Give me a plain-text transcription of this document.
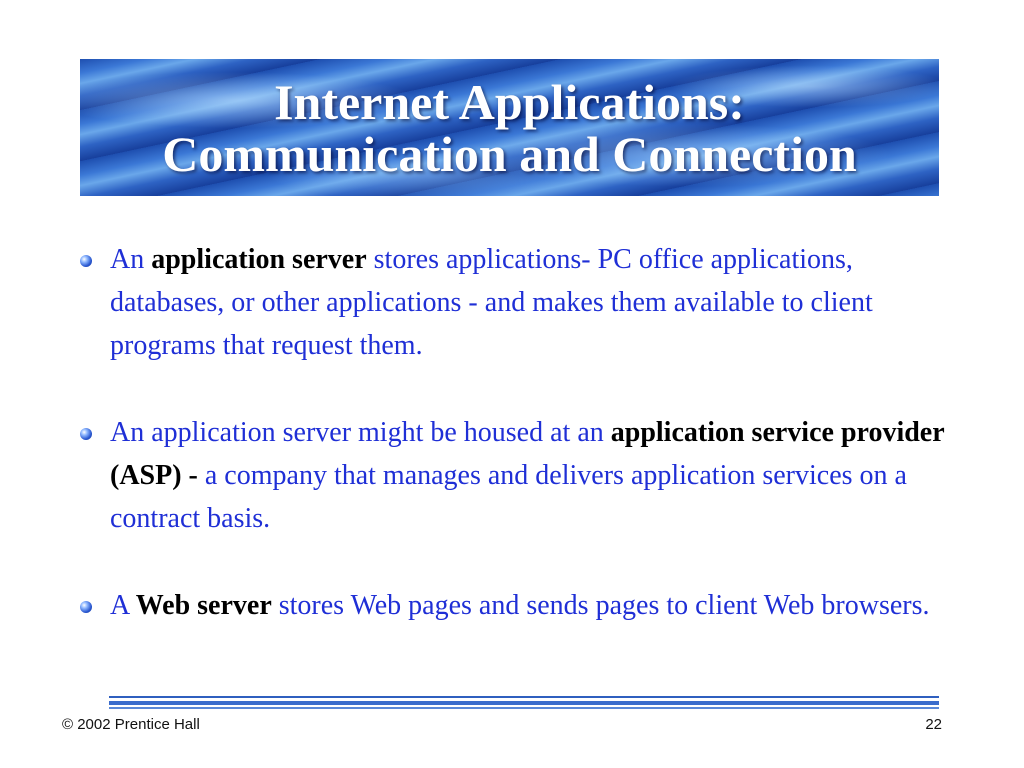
Internet Applications:
Communication and Connection
An application server stores applications- PC office applications, databases, or other applications - and makes them available to client programs that request them.
An application server might be housed at an application service provider (ASP) - a company that manages and delivers application services on a contract basis.
A Web server stores Web pages and sends pages to client Web browsers.
© 2002 Prentice Hall	22
